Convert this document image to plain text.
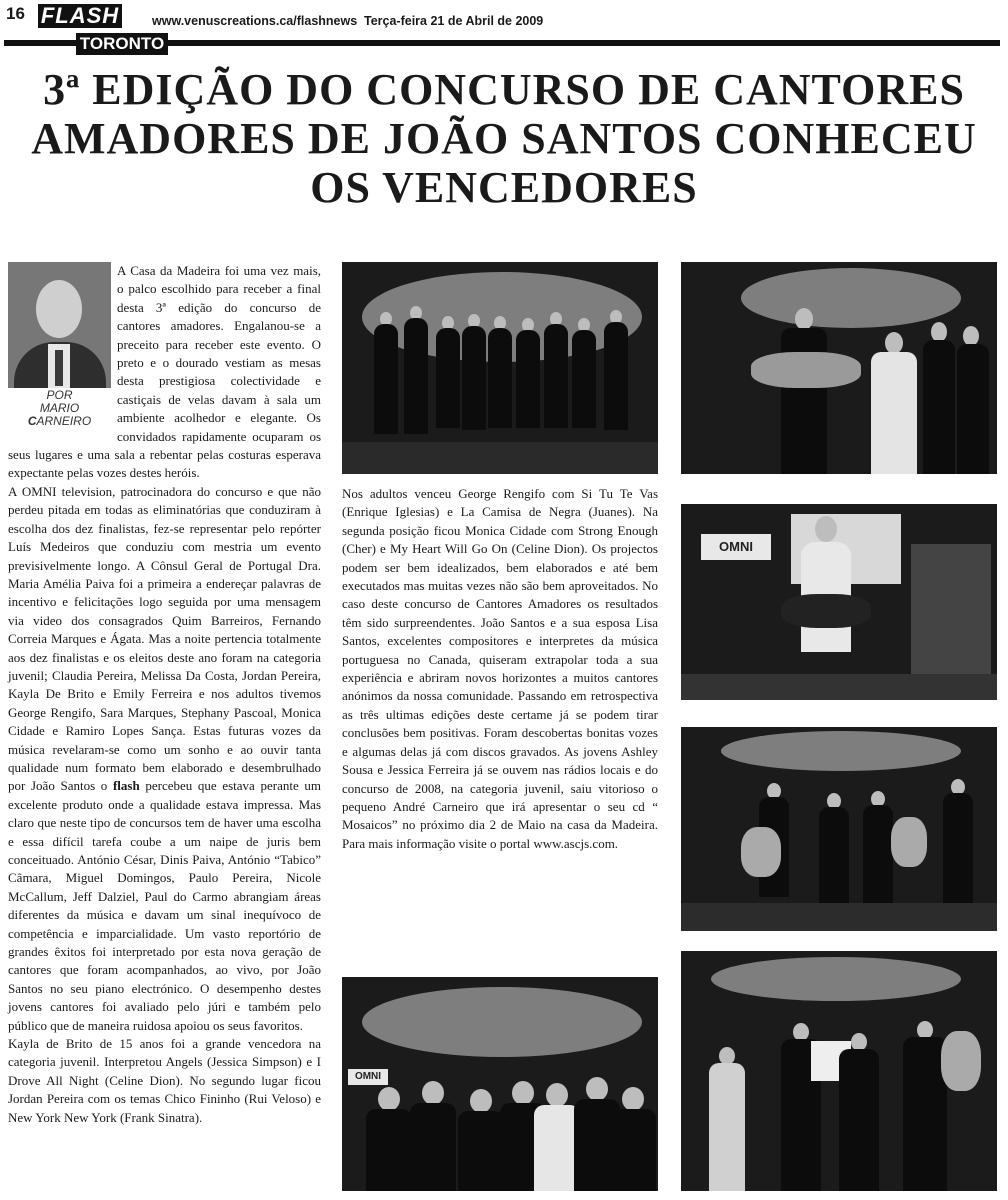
16 FLASH
TORONTO
www.venuscreations.ca/flashnews Terça-feira 21 de Abril de 2009
3ª EDIÇÃO DO CONCURSO DE CANTORES
AMADORES DE JOÃO SANTOS CONHECEU
OS VENCEDORES
POR
MARIO
CARNEIRO

A Casa da Madeira foi uma vez mais, o palco escolhido para receber a final desta 3ª edição do concurso de cantores amadores. Engalanou-se a preceito para receber este evento. O preto e o dourado vestiam as mesas desta prestigiosa colectividade e castiçais de velas davam à sala um ambiente acolhedor e elegante. Os convidados rapidamente ocuparam os seus lugares e uma sala a rebentar pelas costuras esperava expectante pelas vozes destes heróis.

A OMNI television, patrocinadora do concurso e que não perdeu pitada em todas as eliminatórias que conduziram à escolha dos dez finalistas, fez-se representar pelo repórter Luís Medeiros que conduziu com mestria um evento previsivelmente longo. A Cônsul Geral de Portugal Dra. Maria Amélia Paiva foi a primeira a endereçar palavras de incentivo e felicitações logo seguida por uma mensagem via video dos consagrados Quim Barreiros, Fernando Correia Marques e Ágata. Mas a noite pertencia totalmente aos dez finalistas e os eleitos deste ano foram na categoria juvenil; Claudia Pereira, Melissa Da Costa, Jordan Pereira, Kayla De Brito e Emily Ferreira e nos adultos tivemos George Rengifo, Sara Marques, Stephany Pascoal, Monica Cidade e Ramiro Lopes Sança. Estas futuras vozes da música revelaram-se como um sonho e ao ouvir tanta qualidade num formato bem elaborado e desembrulhado por João Santos o flash percebeu que estava perante um excelente produto onde a qualidade estava impressa. Mas claro que neste tipo de concursos tem de haver uma escolha e essa difícil tarefa coube a um naipe de juris bem conceituado. António César, Dinis Paiva, António “Tabico” Câmara, Miguel Domingos, Paulo Pereira, Nicole McCallum, Jeff Dalziel, Paul do Carmo abrangiam áreas diferentes da música e davam um sinal inequívoco de competência e imparcialidade. Um vasto reportório de grandes êxitos foi interpretado por esta nova geração de cantores que foram acompanhados, ao vivo, por João Santos no seu piano electrónico. O desempenho destes jovens cantores foi avaliado pelo júri e também pelo público que de maneira ruidosa apoiou os seus favoritos.

Kayla de Brito de 15 anos foi a grande vencedora na categoria juvenil. Interpretou Angels (Jessica Simpson) e I Drove All Night (Celine Dion). No segundo lugar ficou Jordan Pereira com os temas Chico Fininho (Rui Veloso) e New York New York (Frank Sinatra).

Nos adultos venceu George Rengifo com Si Tu Te Vas (Enrique Iglesias) e La Camisa de Negra (Juanes). Na segunda posição ficou Monica Cidade com Strong Enough (Cher) e My Heart Will Go On (Celine Dion). Os projectos podem ser bem idealizados, bem elaborados e até bem executados mas muitas vezes não são bem aproveitados. No caso deste concurso de Cantores Amadores os resultados têm sido surpreendentes. João Santos e a sua esposa Lisa Santos, excelentes compositores e interpretes da música portuguesa no Canada, quiseram extrapolar toda a sua experiência e abriram novos horizontes a muitos cantores anónimos da nossa comunidade. Passando em retrospectiva as três ultimas edições deste certame já se podem tirar conclusões bem positivas. Foram descobertas bonitas vozes e algumas delas já com discos gravados. As jovens Ashley Sousa e Jessica Ferreira já se ouvem nas rádios locais e do concurso de 2008, na categoria juvenil, saiu vitorioso o pequeno André Carneiro que irá apresentar o seu cd “ Mosaicos” no próximo dia 2 de Maio na casa da Madeira. Para mais informação visite o portal www.ascjs.com.

OMNI
OMNI
